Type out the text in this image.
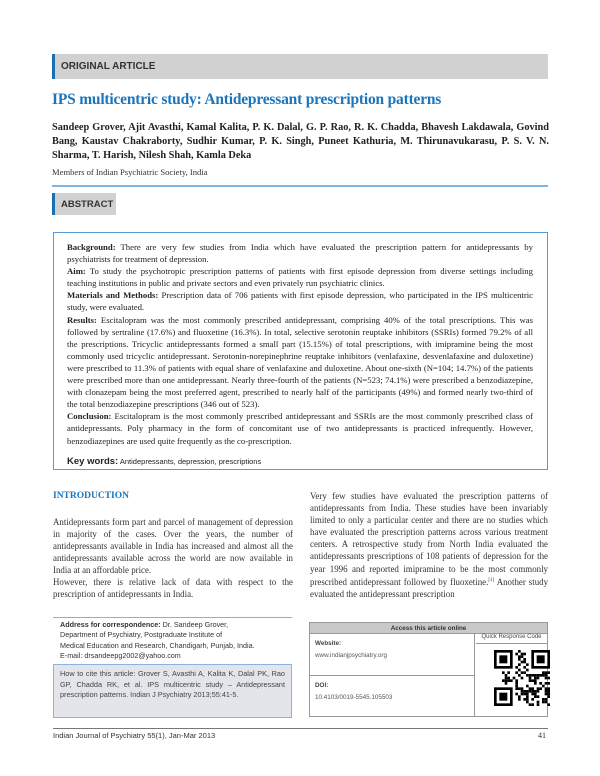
ORIGINAL ARTICLE
IPS multicentric study: Antidepressant prescription patterns
Sandeep Grover, Ajit Avasthi, Kamal Kalita, P. K. Dalal, G. P. Rao, R. K. Chadda, Bhavesh Lakdawala, Govind Bang, Kaustav Chakraborty, Sudhir Kumar, P. K. Singh, Puneet Kathuria, M. Thirunavukarasu, P. S. V. N. Sharma, T. Harish, Nilesh Shah, Kamla Deka
Members of Indian Psychiatric Society, India
ABSTRACT
Background: There are very few studies from India which have evaluated the prescription pattern for antidepressants by psychiatrists for treatment of depression.
Aim: To study the psychotropic prescription patterns of patients with first episode depression from diverse settings including teaching institutions in public and private sectors and even privately run psychiatric clinics.
Materials and Methods: Prescription data of 706 patients with first episode depression, who participated in the IPS multicentric study, were evaluated.
Results: Escitalopram was the most commonly prescribed antidepressant, comprising 40% of the total prescriptions. This was followed by sertraline (17.6%) and fluoxetine (16.3%). In total, selective serotonin reuptake inhibitors (SSRIs) formed 79.2% of all the prescriptions. Tricyclic antidepressants formed a small part (15.15%) of total prescriptions, with imipramine being the most commonly used tricyclic antidepressant. Serotonin-norepinephrine reuptake inhibitors (venlafaxine, desvenlafaxine and duloxetine) were prescribed to 11.3% of patients with equal share of venlafaxine and duloxetine. About one-sixth (N=104; 14.7%) of the patients were prescribed more than one antidepressant. Nearly three-fourth of the patients (N=523; 74.1%) were prescribed a benzodiazepine, with clonazepam being the most preferred agent, prescribed to nearly half of the participants (49%) and formed nearly two-third of the total benzodiazepine prescriptions (346 out of 523).
Conclusion: Escitalopram is the most commonly prescribed antidepressant and SSRIs are the most commonly prescribed class of antidepressants. Poly pharmacy in the form of concomitant use of two antidepressants is practiced infrequently. However, benzodiazepines are used quite frequently as the co-prescription.
Key words: Antidepressants, depression, prescriptions
INTRODUCTION
Antidepressants form part and parcel of management of depression in majority of the cases. Over the years, the number of antidepressants available in India has increased and almost all the antidepressants available across the world are now available in India at an affordable price.
However, there is relative lack of data with respect to the prescription of antidepressants in India.
Very few studies have evaluated the prescription patterns of antidepressants from India. These studies have been invariably limited to only a particular center and there are no studies which have evaluated the prescription patterns across various treatment centers. A retrospective study from North India evaluated the antidepressants prescriptions of 108 patients of depression for the year 1996 and reported imipramine to be the most commonly prescribed antidepressant followed by fluoxetine.[1] Another study evaluated the antidepressant prescription
Address for correspondence: Dr. Sandeep Grover,
Department of Psychiatry, Postgraduate Institute of
Medical Education and Research, Chandigarh, Punjab, India.
E-mail: drsandeepg2002@yahoo.com
How to cite this article: Grover S, Avasthi A, Kalita K, Dalal PK, Rao GP, Chadda RK, et al. IPS multicentric study – Antidepressant prescription patterns. Indian J Psychiatry 2013;55:41-5.
Access this article online
Website:
www.indianjpsychiatry.org
DOI:
10.4103/0019-5545.105503
Quick Response Code
Indian Journal of Psychiatry 55(1), Jan-Mar 2013	41
